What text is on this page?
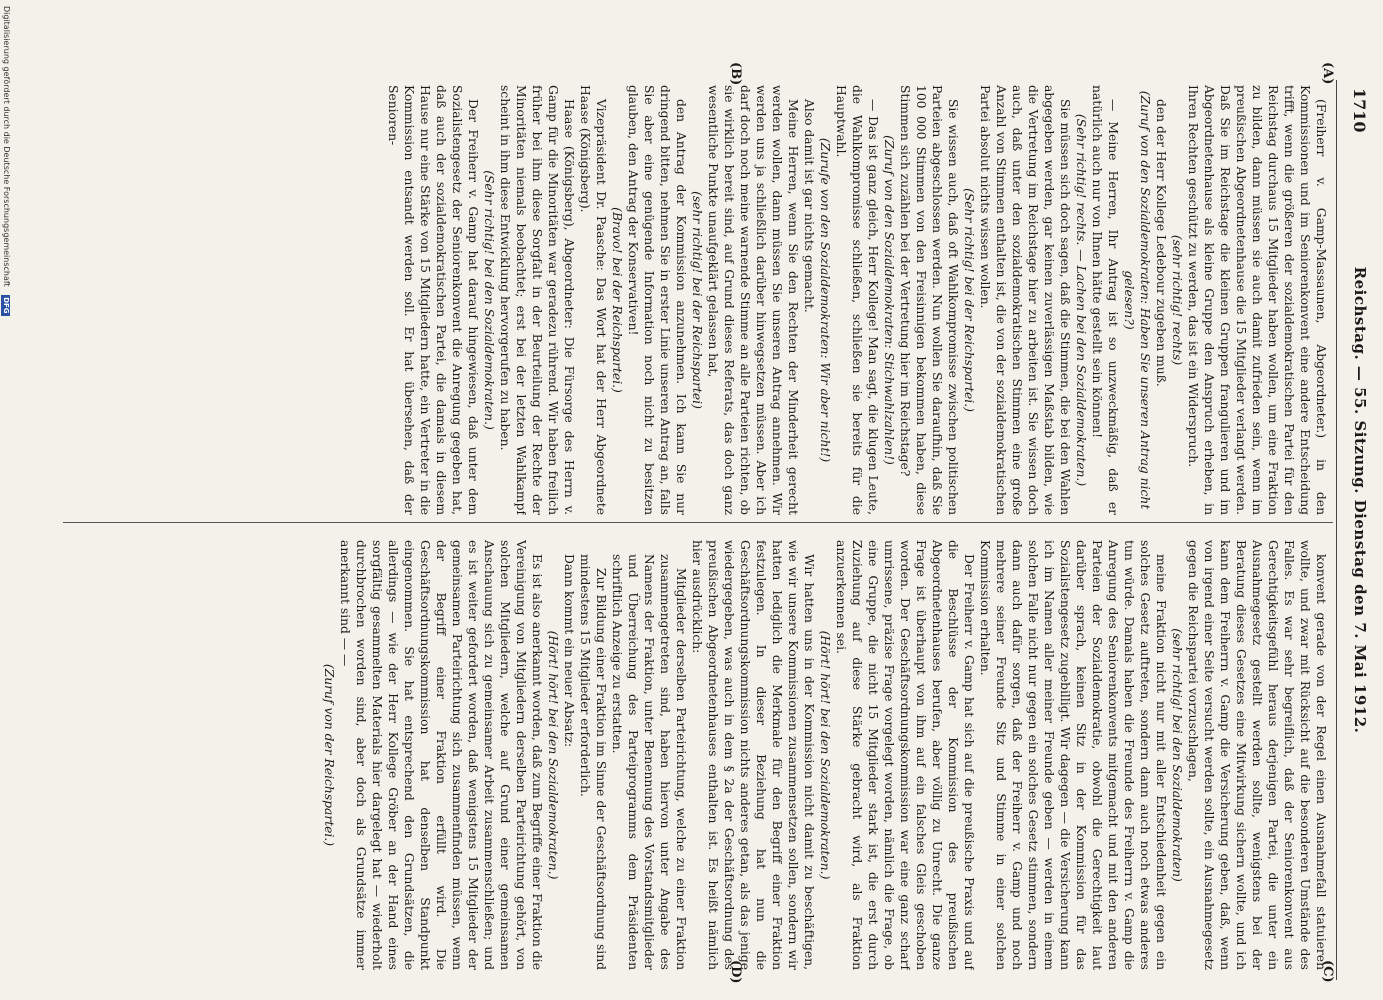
1710
Reichstag. — 55. Sitzung. Dienstag den 7. Mai 1912.
(A)
(B)
(C)
(D)

(Freiherr v. Gamp-Massaunen, Abgeordneter.) in den Kommissionen und im Seniorenkonvent eine andere Entscheidung trifft, wenn die größeren der sozialdemokratischen Partei für den Reichstag durchaus 15 Mitglieder haben wollen, um eine Fraktion zu bilden, dann müssen sie auch damit zufrieden sein, wenn im preußischen Abgeordnetenhause die 15 Mitglieder verlangt werden. Daß Sie im Reichstage die kleinen Gruppen frangulieren und im Abgeordnetenhause als kleine Gruppe den Anspruch erheben, in Ihren Rechten geschützt zu werden, das ist ein Widerspruch.

(sehr richtig! rechts)

den der Herr Kollege Ledebour zugeben muß.

(Zuruf von den Sozialdemokraten: Haben Sie unseren Antrag nicht gelesen?)

— Meine Herren, Ihr Antrag ist so unzweckmäßig, daß er natürlich auch nur von Ihnen hätte gestellt sein können!

(Sehr richtig! rechts. — Lachen bei den Sozialdemokraten.)

Sie müssen sich doch sagen, daß die Stimmen, die bei den Wahlen abgegeben werden, gar keinen zuverlässigen Maßstab bilden, wie die Vertretung im Reichstage hier zu arbeiten ist. Sie wissen doch auch, daß unter den sozialdemokratischen Stimmen eine große Anzahl von Stimmen enthalten ist, die von der sozialdemokratischen Partei absolut nichts wissen wollen.

(Sehr richtig! bei der Reichspartei.)

Sie wissen auch, daß oft Wahlkompromisse zwischen politischen Parteien abgeschlossen werden. Nun wollen Sie daraufhin, daß Sie 100 000 Stimmen von den Freisinnigen bekommen haben, diese Stimmen sich zuzählen bei der Vertretung hier im Reichstage?

(Zuruf von den Sozialdemokraten: Stichwahlzahlen!)

— Das ist ganz gleich, Herr Kollege! Man sagt, die klugen Leute, die Wahlkompromisse schließen, schließen sie bereits für die Hauptwahl.

(Zurufe von den Sozialdemokraten: Wir aber nicht!)

Also damit ist gar nichts gemacht.

Meine Herren, wenn Sie den Rechten der Minderheit gerecht werden wollen, dann müssen Sie unseren Antrag annehmen. Wir werden uns ja schließlich darüber hinwegsetzen müssen. Aber ich darf doch noch meine warnende Stimme an alle Parteien richten, ob sie wirklich bereit sind, auf Grund dieses Referats, das doch ganz wesentliche Punkte unaufgeklärt gelassen hat,

(sehr richtig! bei der Reichspartei)

den Antrag der Kommission anzunehmen. Ich kann Sie nur dringend bitten, nehmen Sie in erster Linie unseren Antrag an, falls Sie aber eine genügende Information noch nicht zu besitzen glauben, den Antrag der Konservativen!

(Bravo! bei der Reichspartei.)

Vizepräsident Dr. Paasche: Das Wort hat der Herr Abgeordnete Haase (Königsberg).

Haase (Königsberg), Abgeordneter: Die Fürsorge des Herrn v. Gamp für die Minoritäten war geradezu rührend. Wir haben freilich früher bei ihm diese Sorgfalt in der Beurteilung der Rechte der Minoritäten niemals beobachtet; erst bei der letzten Wahlkampf scheint in ihm diese Entwicklung hervorgerufen zu haben.

(Sehr richtig! bei den Sozialdemokraten.)

Der Freiherr v. Gamp hat darauf hingewiesen, daß unter dem Sozialistengesetz der Seniorenkonvent die Anregung gegeben hat, daß auch der sozialdemokratischen Partei, die damals in diesem Hause nur eine Stärke von 15 Mitgliedern hatte, ein Vertreter in die Kommission entsandt werden soll. Er hat übersehen, daß der Senioren-

konvent gerade von der Regel einen Ausnahmefall statuieren wollte, und zwar mit Rücksicht auf die besonderen Umstände des Falles. Es war sehr begreiflich, daß der Seniorenkonvent aus Gerechtigkeitsgefühl heraus derjenigen Partei, die unter ein Ausnahmegesetz gestellt werden sollte, wenigstens bei der Beratung dieses Gesetzes eine Mitwirkung sichern wollte, und ich kann dem Freiherrn v. Gamp die Versicherung geben, daß, wenn von irgend einer Seite versucht werden sollte, ein Ausnahmegesetz gegen die Reichspartei vorzuschlagen,

(sehr richtig! bei den Sozialdemokraten)

meine Fraktion nicht nur mit aller Entschiedenheit gegen ein solches Gesetz auftreten, sondern dann auch noch etwas anderes tun würde. Damals haben die Freunde des Freiherrn v. Gamp die Anregung des Seniorenkonvents mitgemacht und mit den anderen Parteien der Sozialdemokratie, obwohl die Gerechtigkeit laut darüber sprach, keinen Sitz in der Kommission für das Sozialistengesetz zugebilligt. Wir dagegen — die Versicherung kann ich im Namen aller meiner Freunde geben — werden in einem solchen Falle nicht nur gegen ein solches Gesetz stimmen, sondern dann auch dafür sorgen, daß der Freiherr v. Gamp und noch mehrere seiner Freunde Sitz und Stimme in einer solchen Kommission erhalten.

Der Freiherr v. Gamp hat sich auf die preußische Praxis und auf die Beschlüsse der Kommission des preußischen Abgeordnetenhauses berufen, aber völlig zu Unrecht. Die ganze Frage ist überhaupt von ihm auf ein falsches Gleis geschoben worden. Der Geschäftsordnungskommission war eine ganz scharf umrissene, präzise Frage vorgelegt worden, nämlich die Frage, ob eine Gruppe, die nicht 15 Mitglieder stark ist, die erst durch Zuziehung auf diese Stärke gebracht wird, als Fraktion anzuerkennen sei.

(Hört! hört! bei den Sozialdemokraten.)

Wir hatten uns in der Kommission nicht damit zu beschäftigen, wie wir unsere Kommissionen zusammensetzen sollen, sondern wir hatten lediglich die Merkmale für den Begriff einer Fraktion festzulegen. In dieser Beziehung hat nun die Geschäftsordnungskommission nichts anderes getan, als das jenige wiedergegeben, was auch in dem § 2a der Geschäftsordnung des preußischen Abgeordnetenhauses enthalten ist. Es heißt nämlich hier ausdrücklich:

Mitglieder derselben Parteirichtung, welche zu einer Fraktion zusammengetreten sind, haben hiervon unter Angabe des Namens der Fraktion, unter Benennung des Vorstandsmitglieder und Überreichung des Parteiprogramms dem Präsidenten schriftlich Anzeige zu erstatten.

Zur Bildung einer Fraktion im Sinne der Geschäftsordnung sind mindestens 15 Mitglieder erforderlich.

Dann kommt ein neuer Absatz:

(Hört! hört! bei den Sozialdemokraten.)

Es ist also anerkannt worden, daß zum Begriffe einer Fraktion die Vereinigung von Mitgliedern derselben Parteirichtung gehört, von solchen Mitgliedern, welche auf Grund einer gemeinsamen Anschauung sich zu gemeinsamer Arbeit zusammenschließen; und es ist weiter gefordert worden, daß wenigstens 15 Mitglieder der gemeinsamen Parteirichtung sich zusammenfinden müssen, wenn der Begriff einer Fraktion erfüllt wird. Die Geschäftsordnungskommission hat denselben Standpunkt eingenommen. Sie hat entsprechend den Grundsätzen, die allerdings — wie der Herr Kollege Gröber an der Hand eines sorgfältig gesammelten Materials hier dargelegt hat — wiederholt durchbrochen worden sind, aber doch als Grundsätze immer anerkannt sind — —

(Zuruf von der Reichspartei.)

Digitalisierung gefördert durch die Deutsche Forschungsgemeinschaft DFG
